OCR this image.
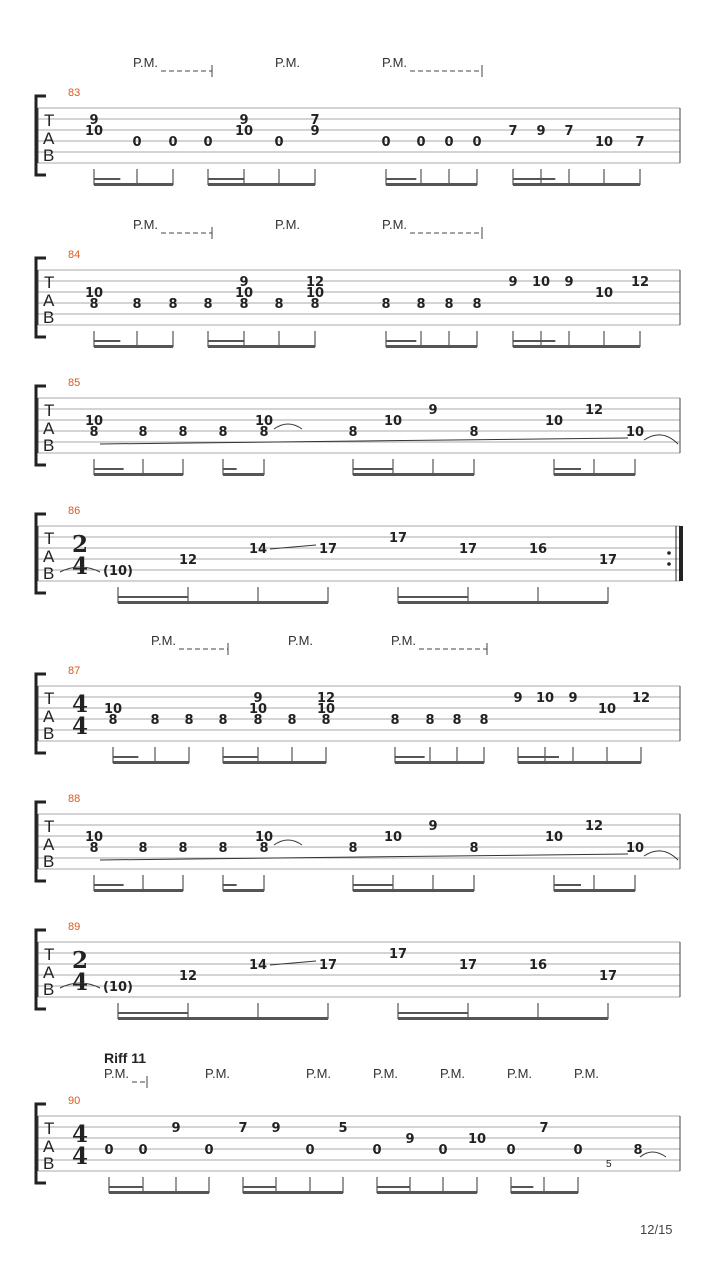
83
P.M.	P.M.	P.M.
T
A
B
9
10
0 0 0
9
10
0
7
9
0 0 0 0
7 9 7
10 7
84
P.M.	P.M.	P.M.
T
A
B
10
8	8 8 8
9
10
8 8
12
10
8	8 8 8 8
9 10 9
10
12
85
T
A
B
10
8	8 8 8
10
8	8
10
9
8
10
12
10
86
T
A
B
2
4 (10)
12
14	17
17
17	16
17
87
P.M.	P.M.	P.M.
T
A
B
4
4
10
8	8 8 8
9
10
8 8
12
10
8	8 8 8 8
9 10 9
10
12
88
T
A
B
10
8	8 8 8
10
8	8
10
9
8
10
12
10
89
T
A
B
2
4 (10)
12
14	17
17
17	16
17
90
Riff 11
P.M.	P.M.	P.M.	P.M.	P.M.	P.M.	P.M.
T
A
B
4
4 0 0
9
0
7 9
0
5
0
9
0
10
0
7
0	8
5
12/15
